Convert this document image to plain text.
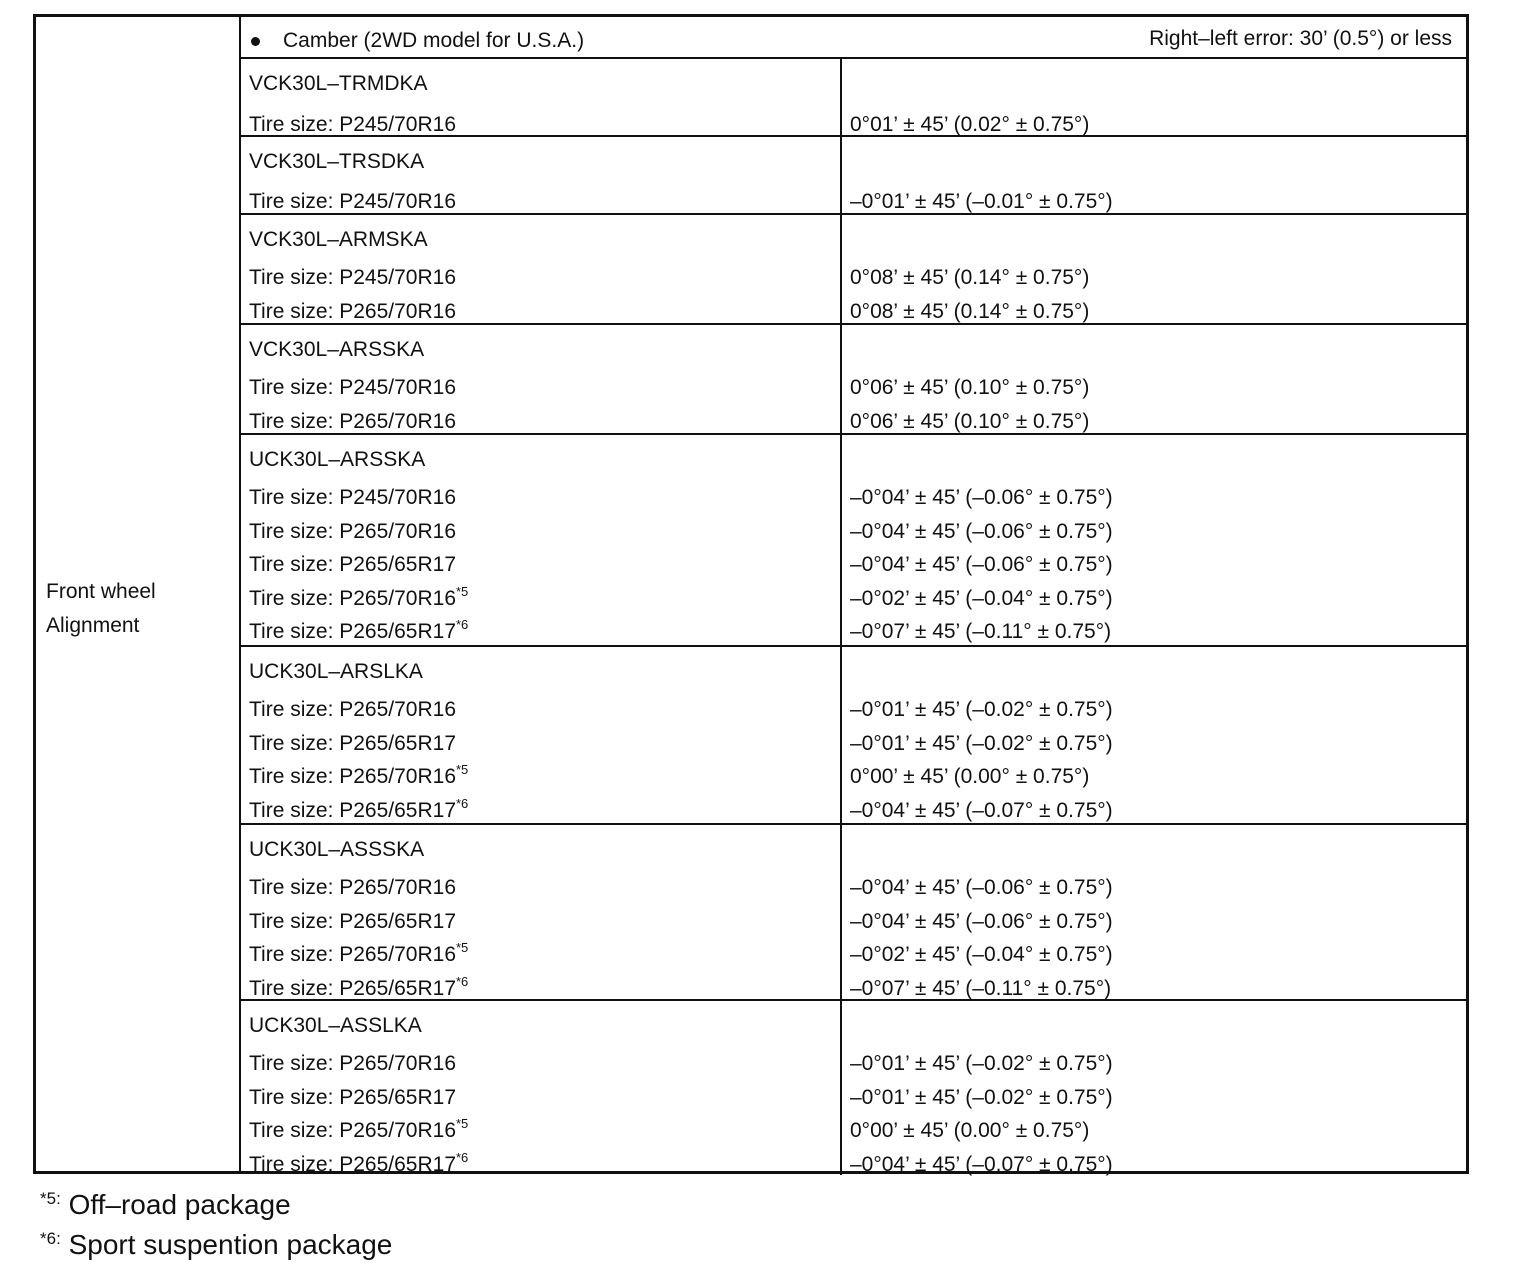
Front wheel
Alignment
Camber (2WD model for U.S.A.)	Right–left error: 30’ (0.5°) or less
VCK30L–TRMDKA
Tire size: P245/70R16	0°01’ ± 45’ (0.02° ± 0.75°)
VCK30L–TRSDKA
Tire size: P245/70R16	–0°01’ ± 45’ (–0.01° ± 0.75°)
VCK30L–ARMSKA
Tire size: P245/70R16	0°08’ ± 45’ (0.14° ± 0.75°)
Tire size: P265/70R16	0°08’ ± 45’ (0.14° ± 0.75°)
VCK30L–ARSSKA
Tire size: P245/70R16	0°06’ ± 45’ (0.10° ± 0.75°)
Tire size: P265/70R16	0°06’ ± 45’ (0.10° ± 0.75°)
UCK30L–ARSSKA
Tire size: P245/70R16	–0°04’ ± 45’ (–0.06° ± 0.75°)
Tire size: P265/70R16	–0°04’ ± 45’ (–0.06° ± 0.75°)
Tire size: P265/65R17	–0°04’ ± 45’ (–0.06° ± 0.75°)
Tire size: P265/70R16$^{*5}$	–0°02’ ± 45’ (–0.04° ± 0.75°)
Tire size: P265/65R17$^{*6}$	–0°07’ ± 45’ (–0.11° ± 0.75°)
UCK30L–ARSLKA
Tire size: P265/70R16	–0°01’ ± 45’ (–0.02° ± 0.75°)
Tire size: P265/65R17	–0°01’ ± 45’ (–0.02° ± 0.75°)
Tire size: P265/70R16$^{*5}$	0°00’ ± 45’ (0.00° ± 0.75°)
Tire size: P265/65R17$^{*6}$	–0°04’ ± 45’ (–0.07° ± 0.75°)
UCK30L–ASSSKA
Tire size: P265/70R16	–0°04’ ± 45’ (–0.06° ± 0.75°)
Tire size: P265/65R17	–0°04’ ± 45’ (–0.06° ± 0.75°)
Tire size: P265/70R16$^{*5}$	–0°02’ ± 45’ (–0.04° ± 0.75°)
Tire size: P265/65R17$^{*6}$	–0°07’ ± 45’ (–0.11° ± 0.75°)
UCK30L–ASSLKA
Tire size: P265/70R16	–0°01’ ± 45’ (–0.02° ± 0.75°)
Tire size: P265/65R17	–0°01’ ± 45’ (–0.02° ± 0.75°)
Tire size: P265/70R16$^{*5}$	0°00’ ± 45’ (0.00° ± 0.75°)
Tire size: P265/65R17$^{*6}$	–0°04’ ± 45’ (–0.07° ± 0.75°)
$^{*5:}$ Off–road package
$^{*6:}$ Sport suspention package
